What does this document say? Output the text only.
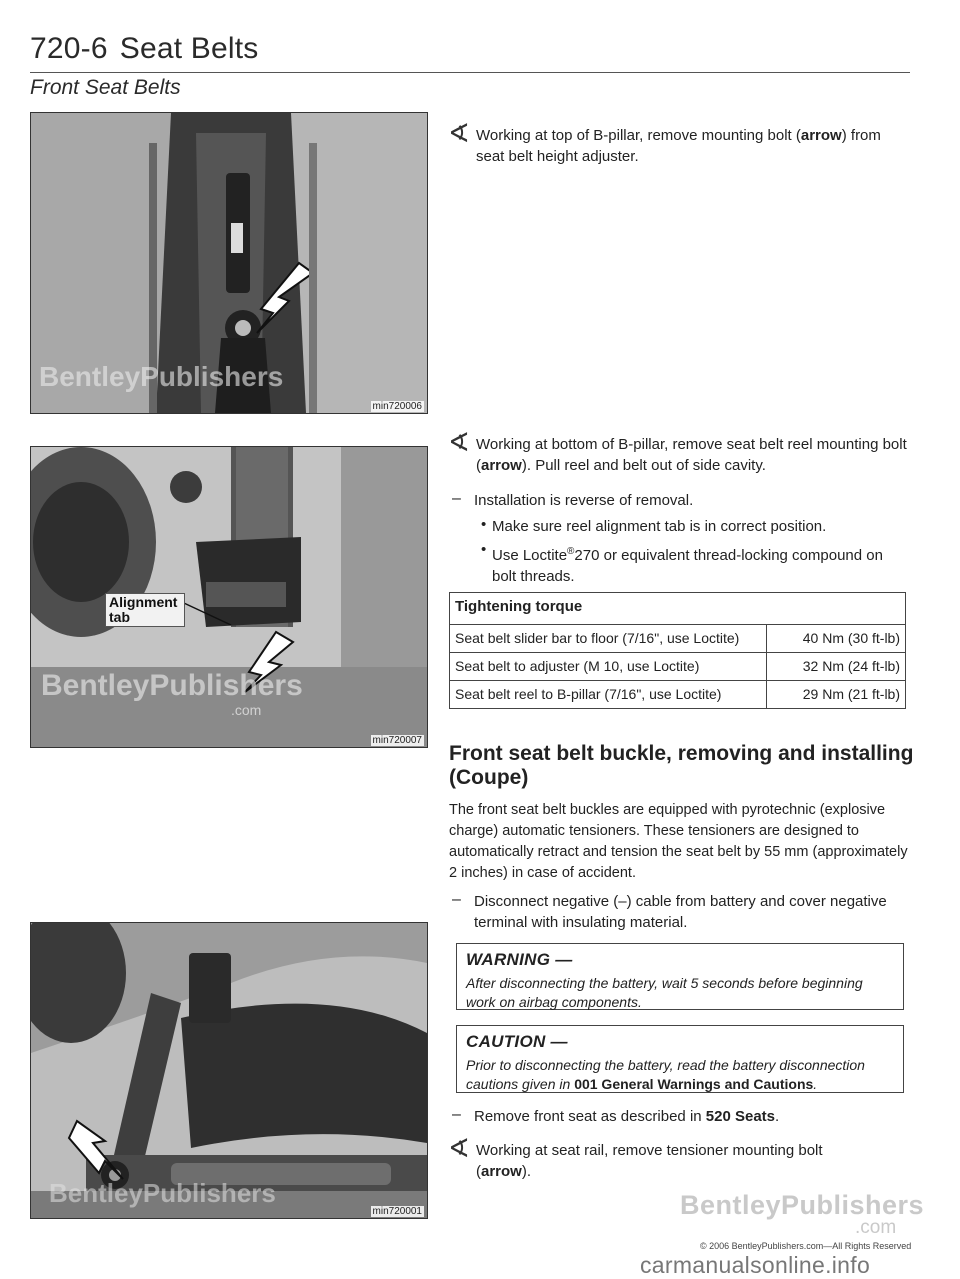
720-6 Seat Belts
Front Seat Belts
BentleyPublishers
min720006
Alignment tab
BentleyPublishers
.com
min720007
BentleyPublishers
min720001
∢ Working at top of B-pillar, remove mounting bolt (arrow) from seat belt height adjuster.
∢ Working at bottom of B-pillar, remove seat belt reel mounting bolt (arrow). Pull reel and belt out of side cavity.
– Installation is reverse of removal.
• Make sure reel alignment tab is in correct position.
• Use Loctite®270 or equivalent thread-locking compound on bolt threads.
Tightening torque	
Seat belt slider bar to floor (7/16", use Loctite)	40 Nm (30 ft-lb)
Seat belt to adjuster (M 10, use Loctite)	32 Nm (24 ft-lb)
Seat belt reel to B-pillar (7/16", use Loctite)	29 Nm (21 ft-lb)
Front seat belt buckle, removing and installing (Coupe)
The front seat belt buckles are equipped with pyrotechnic (explosive charge) automatic tensioners. These tensioners are designed to automatically retract and tension the seat belt by 55 mm (approximately 2 inches) in case of accident.
– Disconnect negative (–) cable from battery and cover negative terminal with insulating material.
WARNING —
After disconnecting the battery, wait 5 seconds before beginning work on airbag components.
CAUTION —
Prior to disconnecting the battery, read the battery disconnection cautions given in 001 General Warnings and Cautions.
– Remove front seat as described in 520 Seats.
∢ Working at seat rail, remove tensioner mounting bolt (arrow).
BentleyPublishers
.com
© 2006 BentleyPublishers.com—All Rights Reserved
carmanualsonline.info
